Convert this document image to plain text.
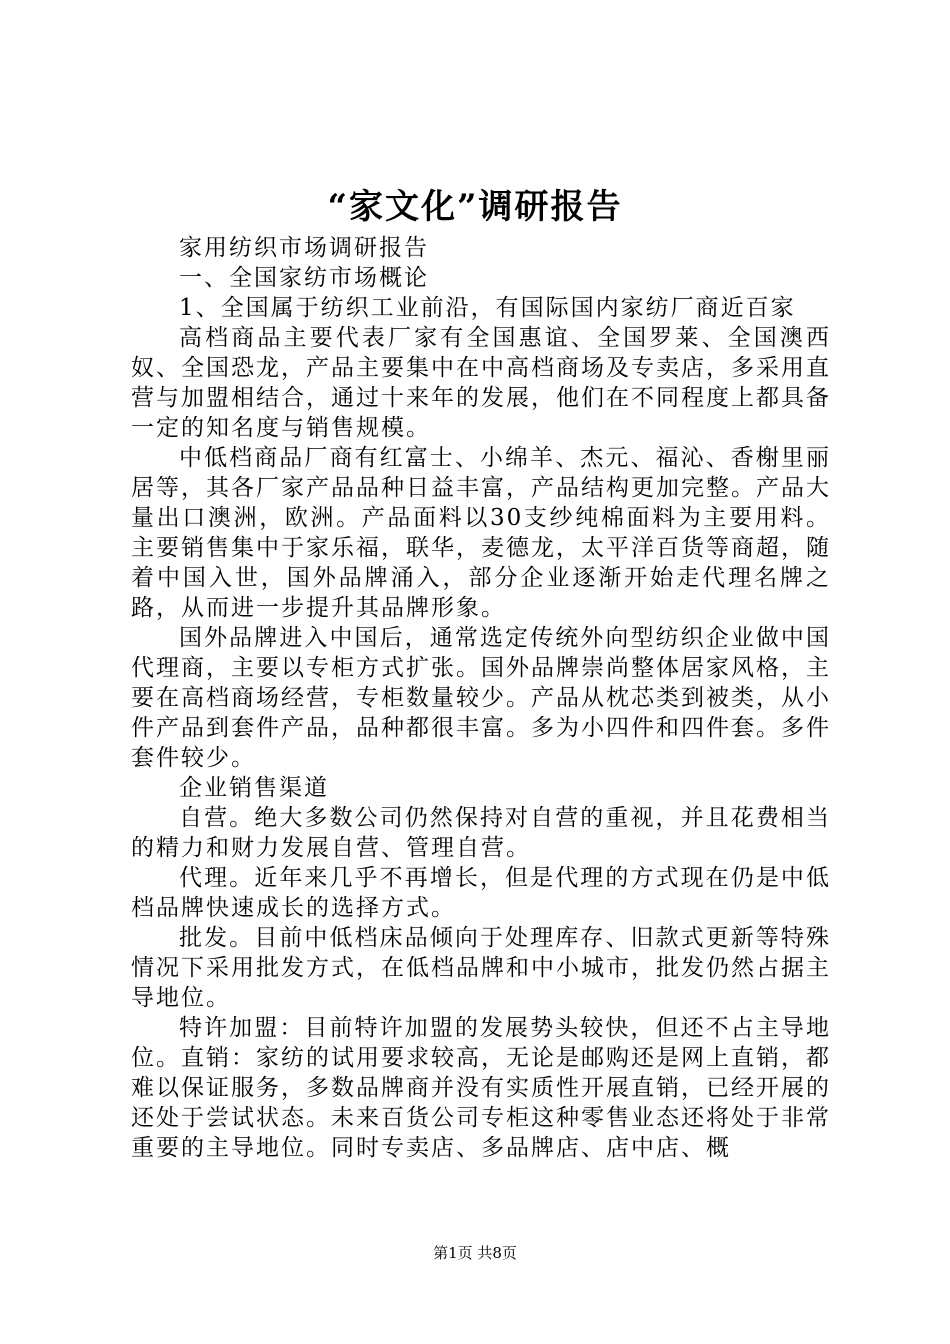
“家文化”调研报告

家用纺织市场调研报告

一、全国家纺市场概论

1、全国属于纺织工业前沿，有国际国内家纺厂商近百家

高档商品主要代表厂家有全国惠谊、全国罗莱、全国澳西奴、全国恐龙，产品主要集中在中高档商场及专卖店，多采用直营与加盟相结合，通过十来年的发展，他们在不同程度上都具备一定的知名度与销售规模。

中低档商品厂商有红富士、小绵羊、杰元、福沁、香榭里丽居等，其各厂家产品品种日益丰富，产品结构更加完整。产品大量出口澳洲，欧洲。产品面料以30支纱纯棉面料为主要用料。主要销售集中于家乐福，联华，麦德龙，太平洋百货等商超，随着中国入世，国外品牌涌入，部分企业逐渐开始走代理名牌之路，从而进一步提升其品牌形象。

国外品牌进入中国后，通常选定传统外向型纺织企业做中国代理商，主要以专柜方式扩张。国外品牌崇尚整体居家风格，主要在高档商场经营，专柜数量较少。产品从枕芯类到被类，从小件产品到套件产品，品种都很丰富。多为小四件和四件套。多件套件较少。

企业销售渠道

自营。绝大多数公司仍然保持对自营的重视，并且花费相当的精力和财力发展自营、管理自营。

代理。近年来几乎不再增长，但是代理的方式现在仍是中低档品牌快速成长的选择方式。

批发。目前中低档床品倾向于处理库存、旧款式更新等特殊情况下采用批发方式，在低档品牌和中小城市，批发仍然占据主导地位。

特许加盟：目前特许加盟的发展势头较快，但还不占主导地位。直销：家纺的试用要求较高，无论是邮购还是网上直销，都难以保证服务，多数品牌商并没有实质性开展直销，已经开展的还处于尝试状态。未来百货公司专柜这种零售业态还将处于非常重要的主导地位。同时专卖店、多品牌店、店中店、概

第1页 共8页
